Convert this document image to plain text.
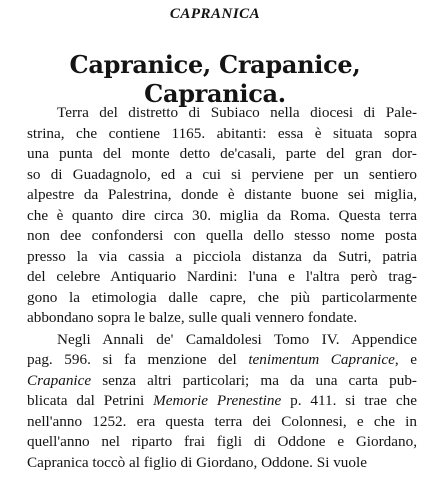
CAPRANICA
Capranice, Crapanice, Capranica.
Terra del distretto di Subiaco nella diocesi di Pale-
strina, che contiene 1165. abitanti: essa è situata sopra
una punta del monte detto de'casali, parte del gran dor-
so di Guadagnolo, ed a cui si perviene per un sentiero
alpestre da Palestrina, donde è distante buone sei miglia,
che è quanto dire circa 30. miglia da Roma. Questa terra
non dee confondersi con quella dello stesso nome posta
presso la via cassia a picciola distanza da Sutri, patria
del celebre Antiquario Nardini: l'una e l'altra però trag-
gono la etimologia dalle capre, che più particolarmente
abbondano sopra le balze, sulle quali vennero fondate.
Negli Annali de' Camaldolesi Tomo IV. Appendice
pag. 596. si fa menzione del tenimentum Capranice, e
Crapanice senza altri particolari; ma da una carta pub-
blicata dal Petrini Memorie Prenestine p. 411. si trae che
nell'anno 1252. era questa terra dei Colonnesi, e che in
quell'anno nel riparto frai figli di Oddone e Giordano,
Capranica toccò al figlio di Giordano, Oddone. Si vuole
